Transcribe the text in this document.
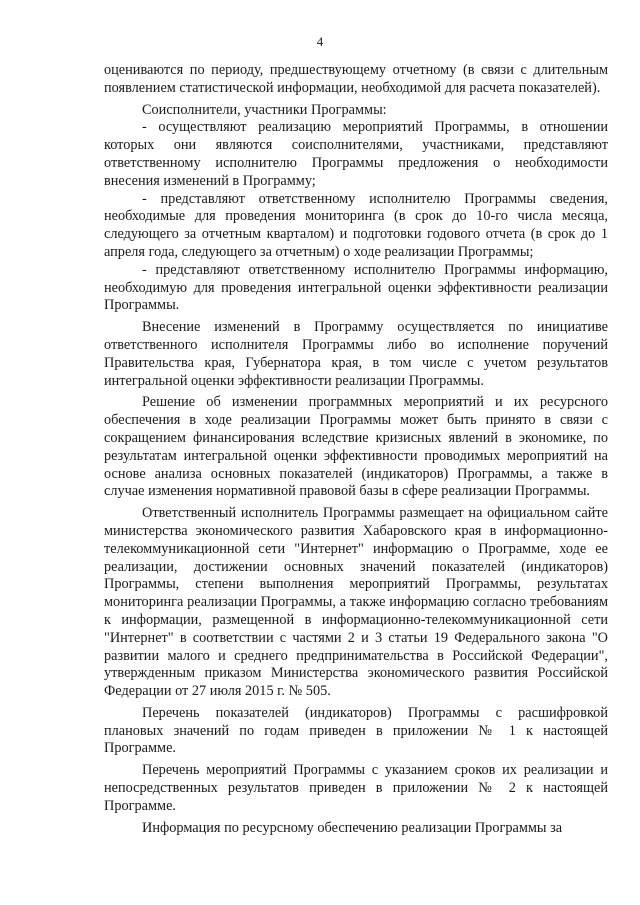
4

оцениваются по периоду, предшествующему отчетному (в связи с длительным появлением статистической информации, необходимой для расчета показателей).

Соисполнители, участники Программы:

- осуществляют реализацию мероприятий Программы, в отношении которых они являются соисполнителями, участниками, представляют ответственному исполнителю Программы предложения о необходимости внесения изменений в Программу;

- представляют ответственному исполнителю Программы сведения, необходимые для проведения мониторинга (в срок до 10-го числа месяца, следующего за отчетным кварталом) и подготовки годового отчета (в срок до 1 апреля года, следующего за отчетным) о ходе реализации Программы;

- представляют ответственному исполнителю Программы информацию, необходимую для проведения интегральной оценки эффективности реализации Программы.

Внесение изменений в Программу осуществляется по инициативе ответственного исполнителя Программы либо во исполнение поручений Правительства края, Губернатора края, в том числе с учетом результатов интегральной оценки эффективности реализации Программы.

Решение об изменении программных мероприятий и их ресурсного обеспечения в ходе реализации Программы может быть принято в связи с сокращением финансирования вследствие кризисных явлений в экономике, по результатам интегральной оценки эффективности проводимых мероприятий на основе анализа основных показателей (индикаторов) Программы, а также в случае изменения нормативной правовой базы в сфере реализации Программы.

Ответственный исполнитель Программы размещает на официальном сайте министерства экономического развития Хабаровского края в информационно-телекоммуникационной сети "Интернет" информацию о Программе, ходе ее реализации, достижении основных значений показателей (индикаторов) Программы, степени выполнения мероприятий Программы, результатах мониторинга реализации Программы, а также информацию согласно требованиям к информации, размещенной в информационно-телекоммуникационной сети "Интернет" в соответствии с частями 2 и 3 статьи 19 Федерального закона "О развитии малого и среднего предпринимательства в Российской Федерации", утвержденным приказом Министерства экономического развития Российской Федерации от 27 июля 2015 г. № 505.

Перечень показателей (индикаторов) Программы с расшифровкой плановых значений по годам приведен в приложении № 1 к настоящей Программе.

Перечень мероприятий Программы с указанием сроков их реализации и непосредственных результатов приведен в приложении № 2 к настоящей Программе.

Информация по ресурсному обеспечению реализации Программы за
